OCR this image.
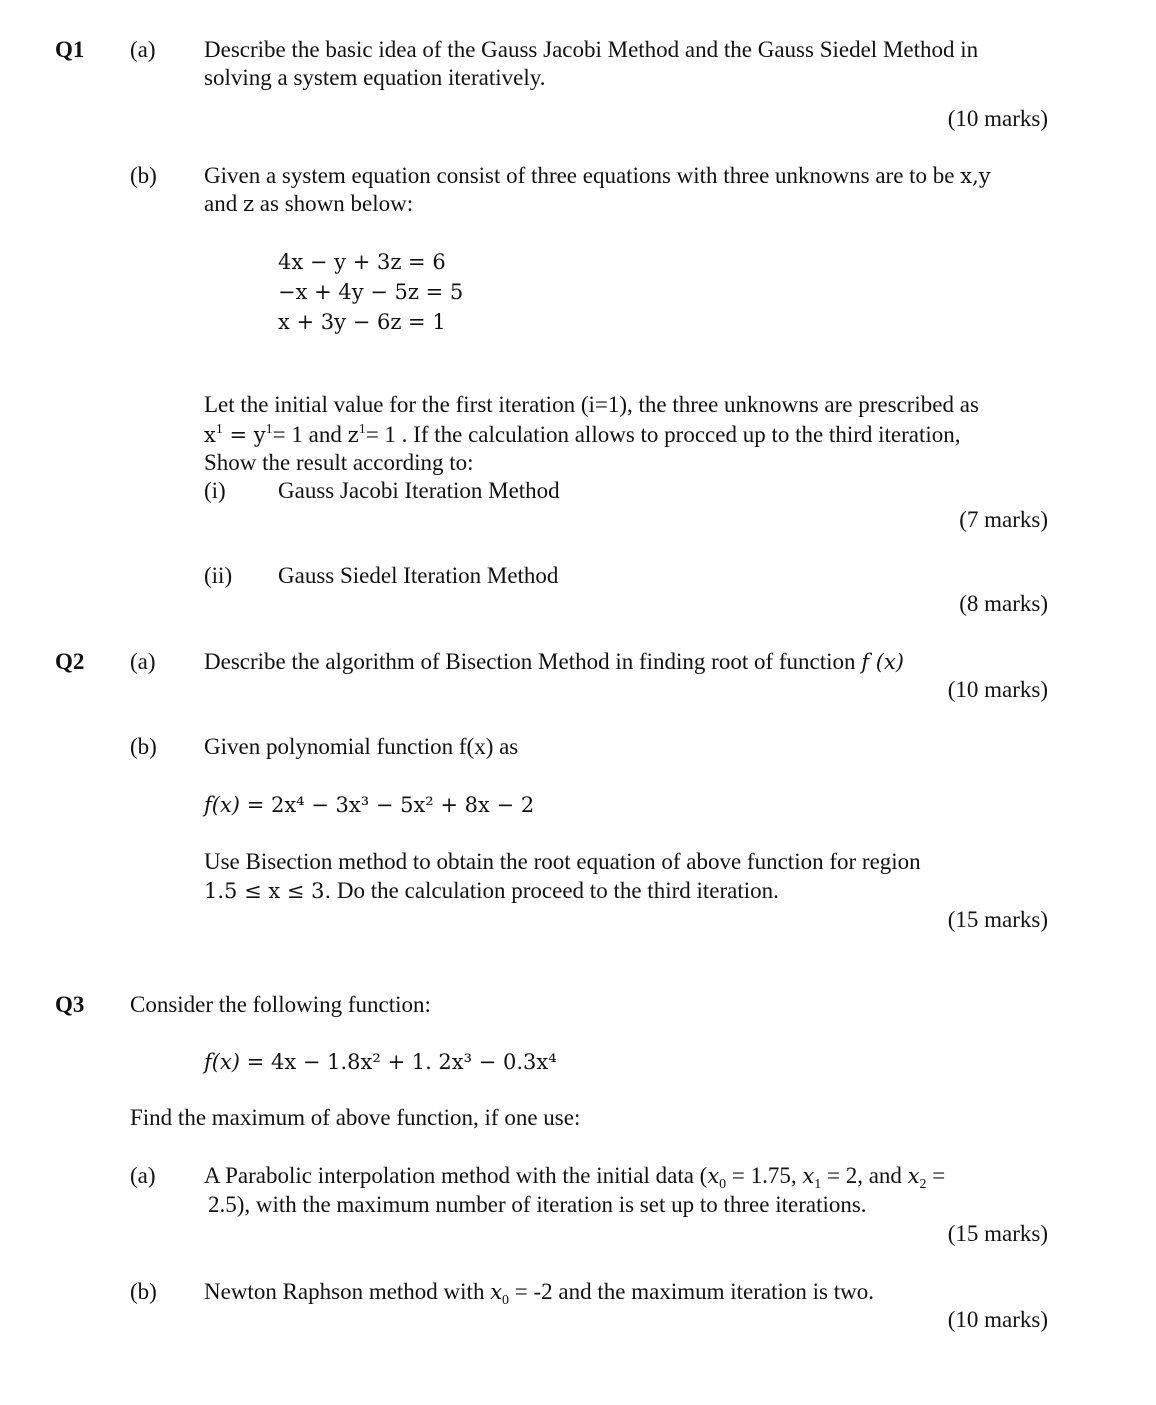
Q1 (a) Describe the basic idea of the Gauss Jacobi Method and the Gauss Siedel Method in
solving a system equation iteratively.
(10 marks)
(b) Given a system equation consist of three equations with three unknowns are to be x,y
and z as shown below:
4x − y + 3z = 6
−x + 4y − 5z = 5
x + 3y − 6z = 1
Let the initial value for the first iteration (i=1), the three unknowns are prescribed as
$x^1 = y^1= 1$ and $z^1= 1$ . If the calculation allows to procced up to the third iteration,
Show the result according to:
(i) Gauss Jacobi Iteration Method
(7 marks)
(ii) Gauss Siedel Iteration Method
(8 marks)
Q2 (a) Describe the algorithm of Bisection Method in finding root of function f (x)
(10 marks)
(b) Given polynomial function f(x) as
f(x) = 2x⁴ − 3x³ − 5x² + 8x − 2
Use Bisection method to obtain the root equation of above function for region
1.5 ≤ x ≤ 3. Do the calculation proceed to the third iteration.
(15 marks)
Q3 Consider the following function:
f(x) = 4x − 1.8x² + 1. 2x³ − 0.3x⁴
Find the maximum of above function, if one use:
(a) A Parabolic interpolation method with the initial data ($x_0 = 1.75$, $x_1 = 2$, and $x_2$ =
2.5), with the maximum number of iteration is set up to three iterations.
(15 marks)
(b) Newton Raphson method with $x_0 = -2$ and the maximum iteration is two.
(10 marks)
